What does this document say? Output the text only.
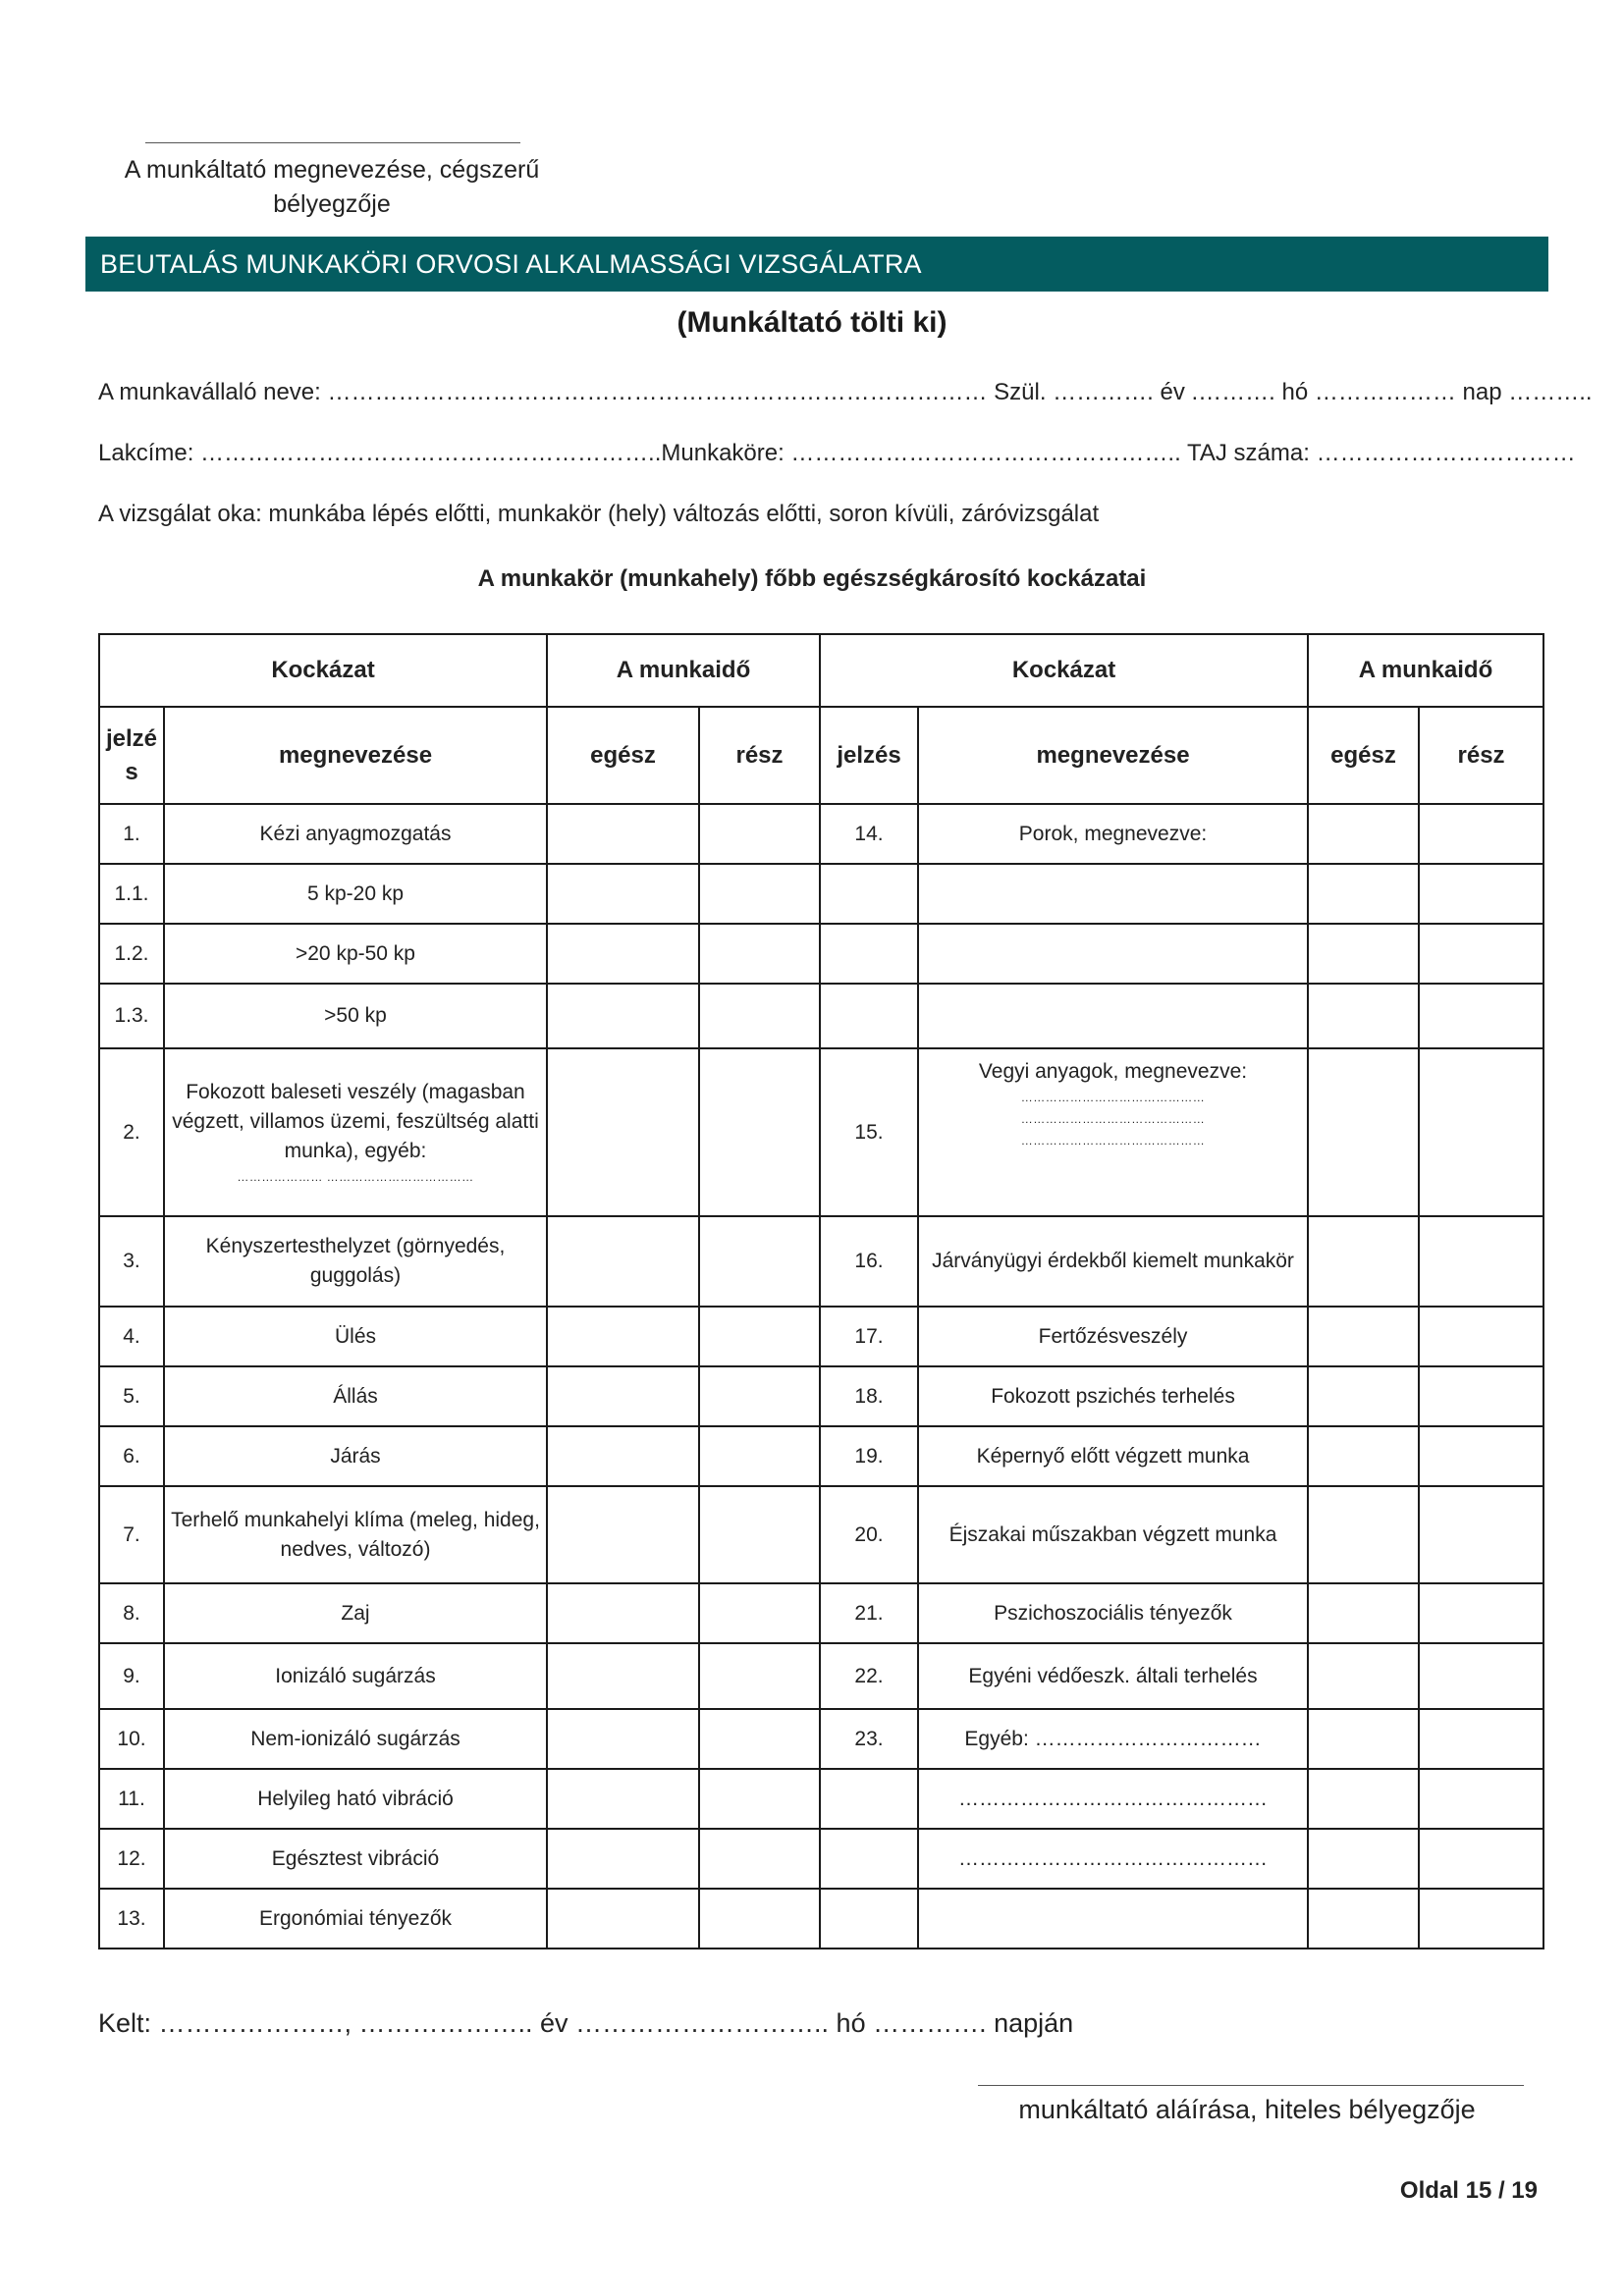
A munkáltató megnevezése, cégszerű
bélyegzője
BEUTALÁS MUNKAKÖRI ORVOSI ALKALMASSÁGI VIZSGÁLATRA
(Munkáltató tölti ki)
A munkavállaló neve: ………………………………………………………………………… Szül. …………. év .………. hó ……………… nap ………..
Lakcíme: …………………………………………………..Munkaköre: ………………………………………….. TAJ száma: ……………………………
A vizsgálat oka: munkába lépés előtti, munkakör (hely) változás előtti, soron kívüli, záróvizsgálat
A munkakör (munkahely) főbb egészségkárosító kockázatai
Kockázat		A munkaidő		Kockázat		A munkaidő	
jelzé s	megnevezése	egész	rész	jelzés	megnevezése	egész	rész

1.	Kézi anyagmozgatás			14.	Porok, megnevezve:		

1.1.	5 kp-20 kp						

1.2.	>20 kp-50 kp						

1.3.	>50 kp						

2.	Fokozott baleseti veszély (magasban végzett, villamos üzemi, feszültség alatti munka), egyéb:
………………… ………………………………			15.	Vegyi anyagok, megnevezve:
………………………………………
………………………………………
………………………………………		

3.	Kényszertesthelyzet (görnyedés, guggolás)			16.	Járványügyi érdekből kiemelt munkakör		

4.	Ülés			17.	Fertőzésveszély		

5.	Állás			18.	Fokozott pszichés terhelés		

6.	Járás			19.	Képernyő előtt végzett munka		

7.	Terhelő munkahelyi klíma (meleg, hideg, nedves, változó)			20.	Éjszakai műszakban végzett munka		

8.	Zaj			21.	Pszichoszociális tényezők		

9.	Ionizáló sugárzás			22.	Egyéni védőeszk. általi terhelés		

10.	Nem-ionizáló sugárzás			23.	Egyéb: ……………………………		

11.	Helyileg ható vibráció				………………………………………		

12.	Egésztest vibráció				………………………………………		

13.	Ergonómiai tényezők						

Kelt: …………………, ……………….. év ……………………….. hó …………. napján
munkáltató aláírása, hiteles bélyegzője
Oldal 15 / 19
